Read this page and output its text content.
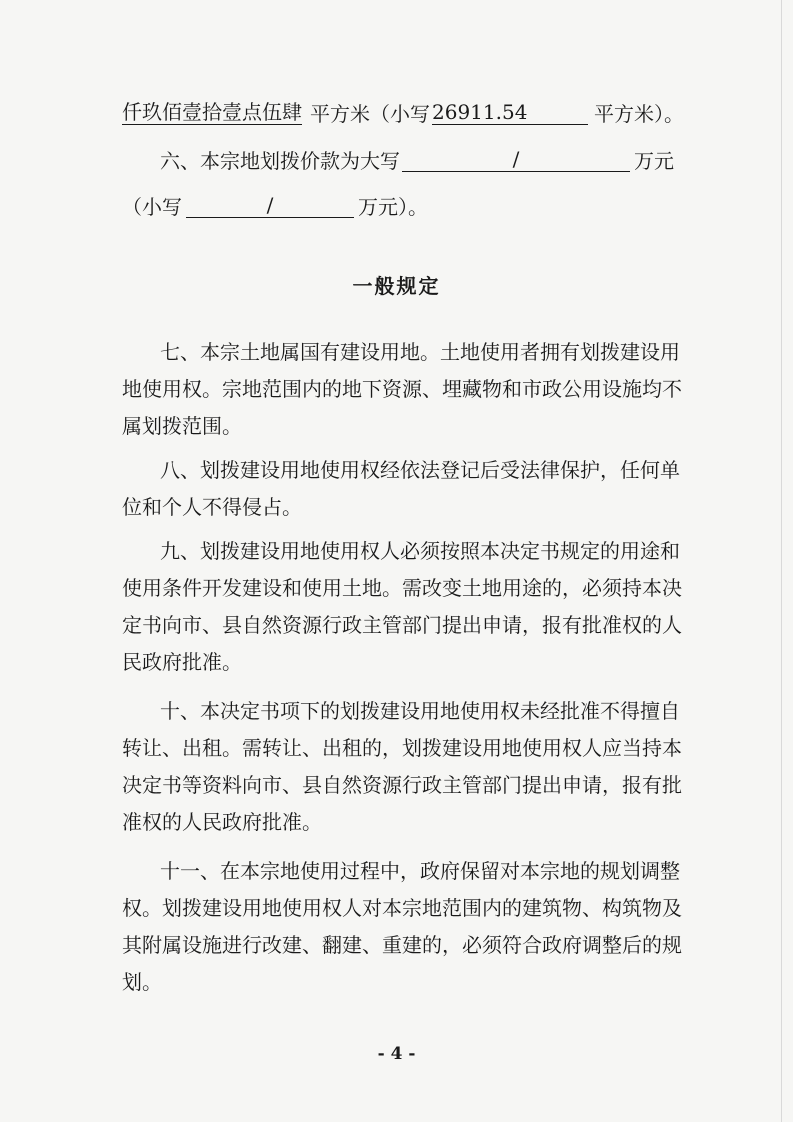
仟玖佰壹拾壹点伍肆 平方米（小写 26911.54	平方米）。
六、本宗地划拨价款为大写	/	万元
（小写	/	万元）。
一般规定
七、本宗土地属国有建设用地。土地使用者拥有划拨建设用
地使用权。宗地范围内的地下资源、埋藏物和市政公用设施均不
属划拨范围。
八、划拨建设用地使用权经依法登记后受法律保护，任何单
位和个人不得侵占。
九、划拨建设用地使用权人必须按照本决定书规定的用途和
使用条件开发建设和使用土地。需改变土地用途的，必须持本决
定书向市、县自然资源行政主管部门提出申请，报有批准权的人
民政府批准。
十、本决定书项下的划拨建设用地使用权未经批准不得擅自
转让、出租。需转让、出租的，划拨建设用地使用权人应当持本
决定书等资料向市、县自然资源行政主管部门提出申请，报有批
准权的人民政府批准。
十一、在本宗地使用过程中，政府保留对本宗地的规划调整
权。划拨建设用地使用权人对本宗地范围内的建筑物、构筑物及
其附属设施进行改建、翻建、重建的，必须符合政府调整后的规
划。
- 4 -
